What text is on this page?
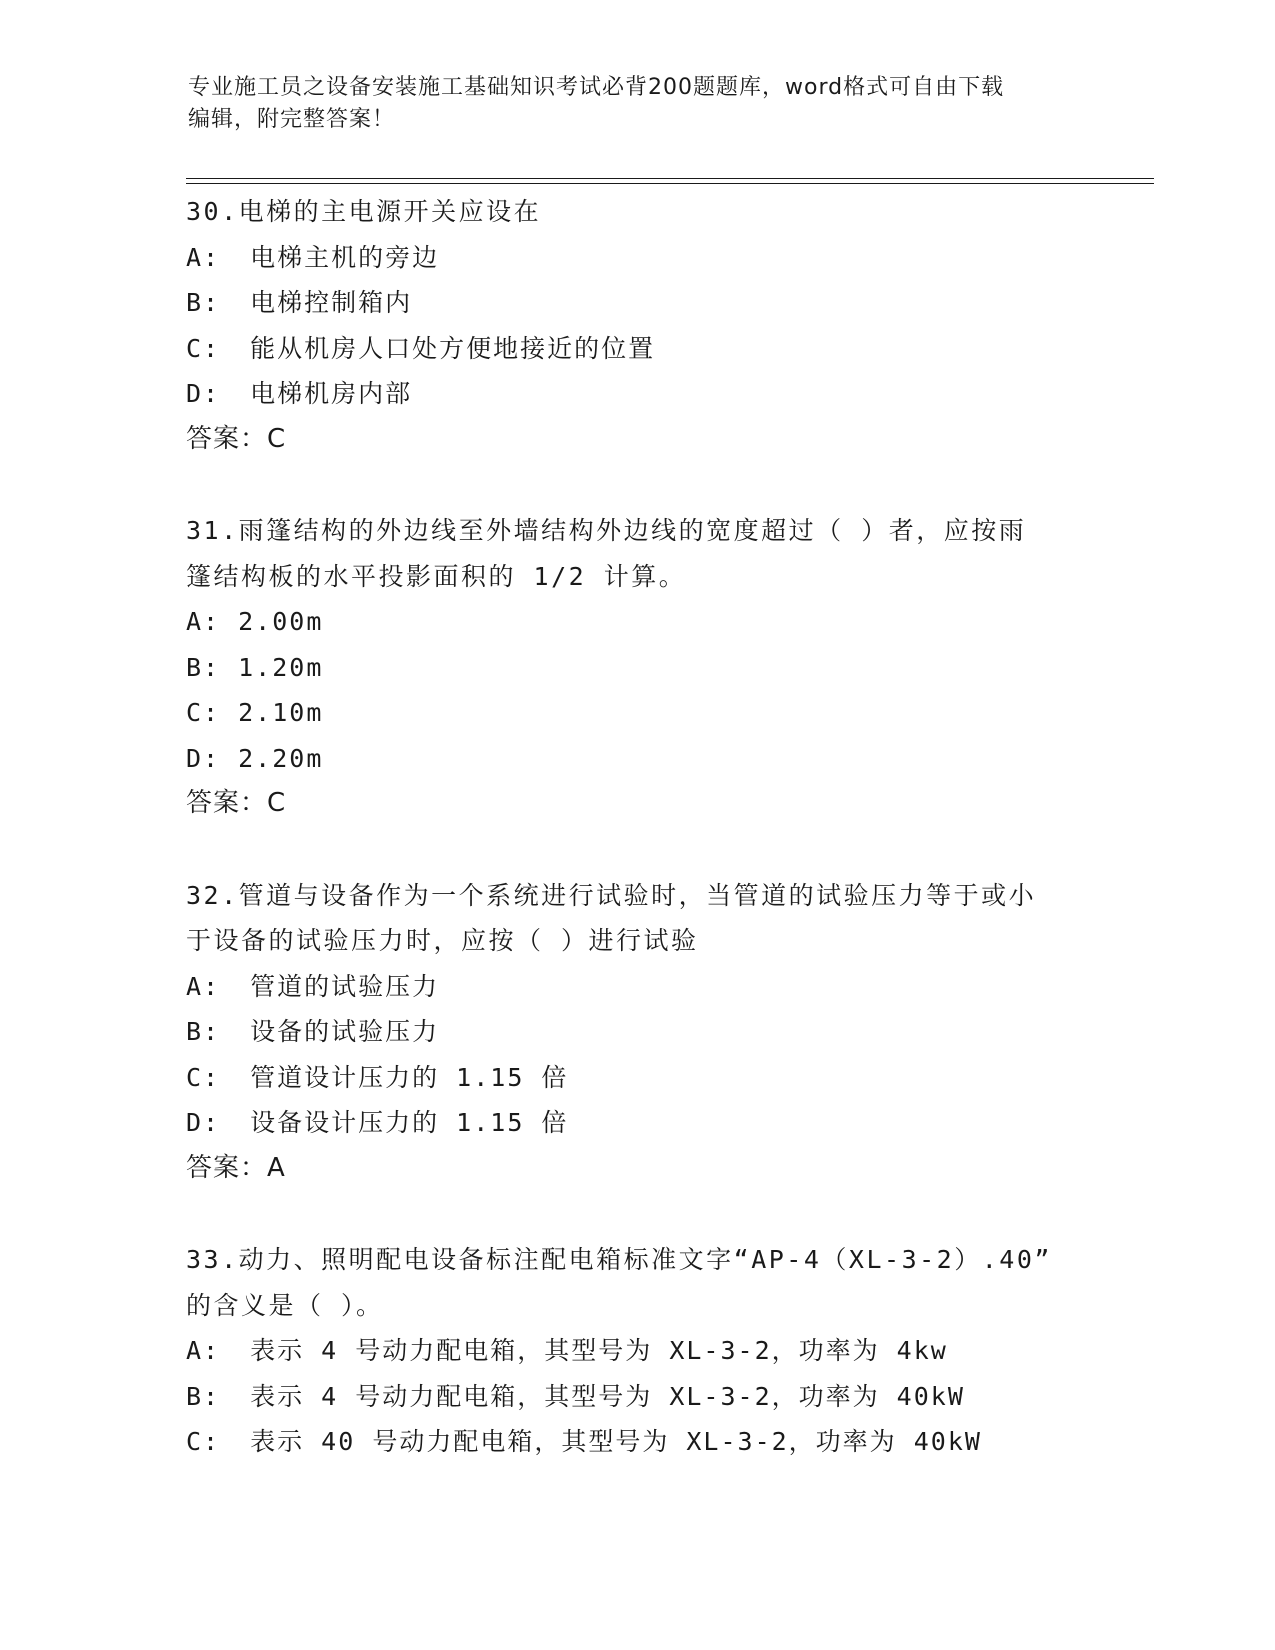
专业施工员之设备安装施工基础知识考试必背200题题库，word格式可自由下载
编辑，附完整答案！
30.电梯的主电源开关应设在
A: 电梯主机的旁边
B: 电梯控制箱内
C: 能从机房人口处方便地接近的位置
D: 电梯机房内部
答案：C
31.雨篷结构的外边线至外墙结构外边线的宽度超过（ ）者，应按雨
篷结构板的水平投影面积的 1/2 计算。
A: 2.00m
B: 1.20m
C: 2.10m
D: 2.20m
答案：C
32.管道与设备作为一个系统进行试验时，当管道的试验压力等于或小
于设备的试验压力时，应按（ ）进行试验
A: 管道的试验压力
B: 设备的试验压力
C: 管道设计压力的 1.15 倍
D: 设备设计压力的 1.15 倍
答案：A
33.动力、照明配电设备标注配电箱标准文字“AP-4（XL-3-2）.40”
的含义是（ ）。
A: 表示 4 号动力配电箱，其型号为 XL-3-2，功率为 4kw
B: 表示 4 号动力配电箱，其型号为 XL-3-2，功率为 40kW
C: 表示 40 号动力配电箱，其型号为 XL-3-2，功率为 40kW
